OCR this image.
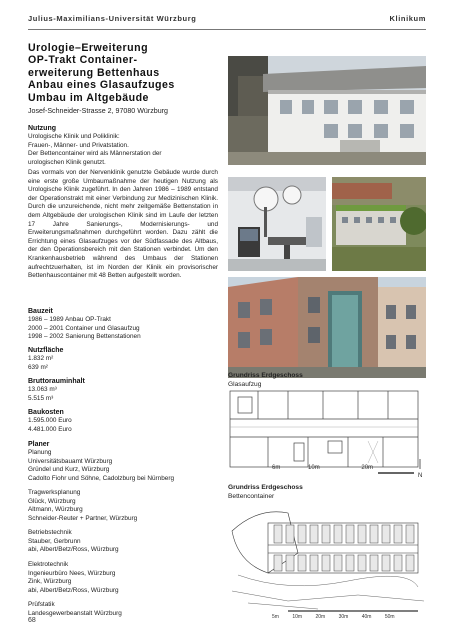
Julius-Maximilians-Universität Würzburg	Klinikum
Urologie–Erweiterung
OP-Trakt Container-
erweiterung Bettenhaus
Anbau eines Glasaufzuges
Umbau im Altgebäude
Josef-Schneider-Strasse 2, 97080 Würzburg
Nutzung
Urologische Klinik und Poliklinik:
Frauen-, Männer- und Privatstation.
Der Bettencontainer wird als Männerstation der
urologischen Klinik genutzt.
Das vormals von der Nervenklinik genutzte Gebäude wurde durch eine erste große Umbaumaßnahme der heutigen Nutzung als Urologische Klinik zugeführt. In den Jahren 1986 – 1989 entstand der Operationstrakt mit einer Verbindung zur Medizinischen Klinik. Durch die unzureichende, nicht mehr zeitgemäße Bettenstation in dem Altgebäude der urologischen Klinik sind im Laufe der letzten 17 Jahre Sanierungs-, Modernisierungs- und Erweiterungsmaßnahmen durchgeführt worden. Dazu zählt die Errichtung eines Glasaufzuges vor der Südfassade des Altbaus, der den Operationsbereich mit den Stationen verbindet. Um den Krankenhausbetrieb während des Umbaus der Stationen aufrechtzuerhalten, ist im Norden der Klinik ein provisorischer Bettenhauscontainer mit 48 Betten aufgestellt worden.
Bauzeit
1986 – 1989 Anbau OP-Trakt
2000 – 2001 Container und Glasaufzug
1998 – 2002 Sanierung Bettenstationen
Nutzfläche
1.832 m²
639 m²
Bruttorauminhalt
13.063 m³
5.515 m³
Baukosten
1.595.000 Euro
4.481.000 Euro
Planer
Planung
Universitätsbauamt Würzburg
Gründel und Kurz, Würzburg
Cadolto Fiohr und Söhne, Cadolzburg bei Nürnberg
Tragwerksplanung
Glück, Würzburg
Altmann, Würzburg
Schneider-Reuter + Partner, Würzburg
Betriebstechnik
Stauber, Gerbrunn
abi, Albert/Betz/Ross, Würzburg
Elektrotechnik
Ingenieurbüro Nees, Würzburg
Zink, Würzburg
abi, Albert/Betz/Ross, Würzburg
Prüfstatik
Landesgewerbeanstalt Würzburg
Grundriss Erdgeschoss
Glasaufzug
6m	10m	20m
N
Grundriss Erdgeschoss
Bettencontainer
5m	10m	20m	30m	40m	50m
68
